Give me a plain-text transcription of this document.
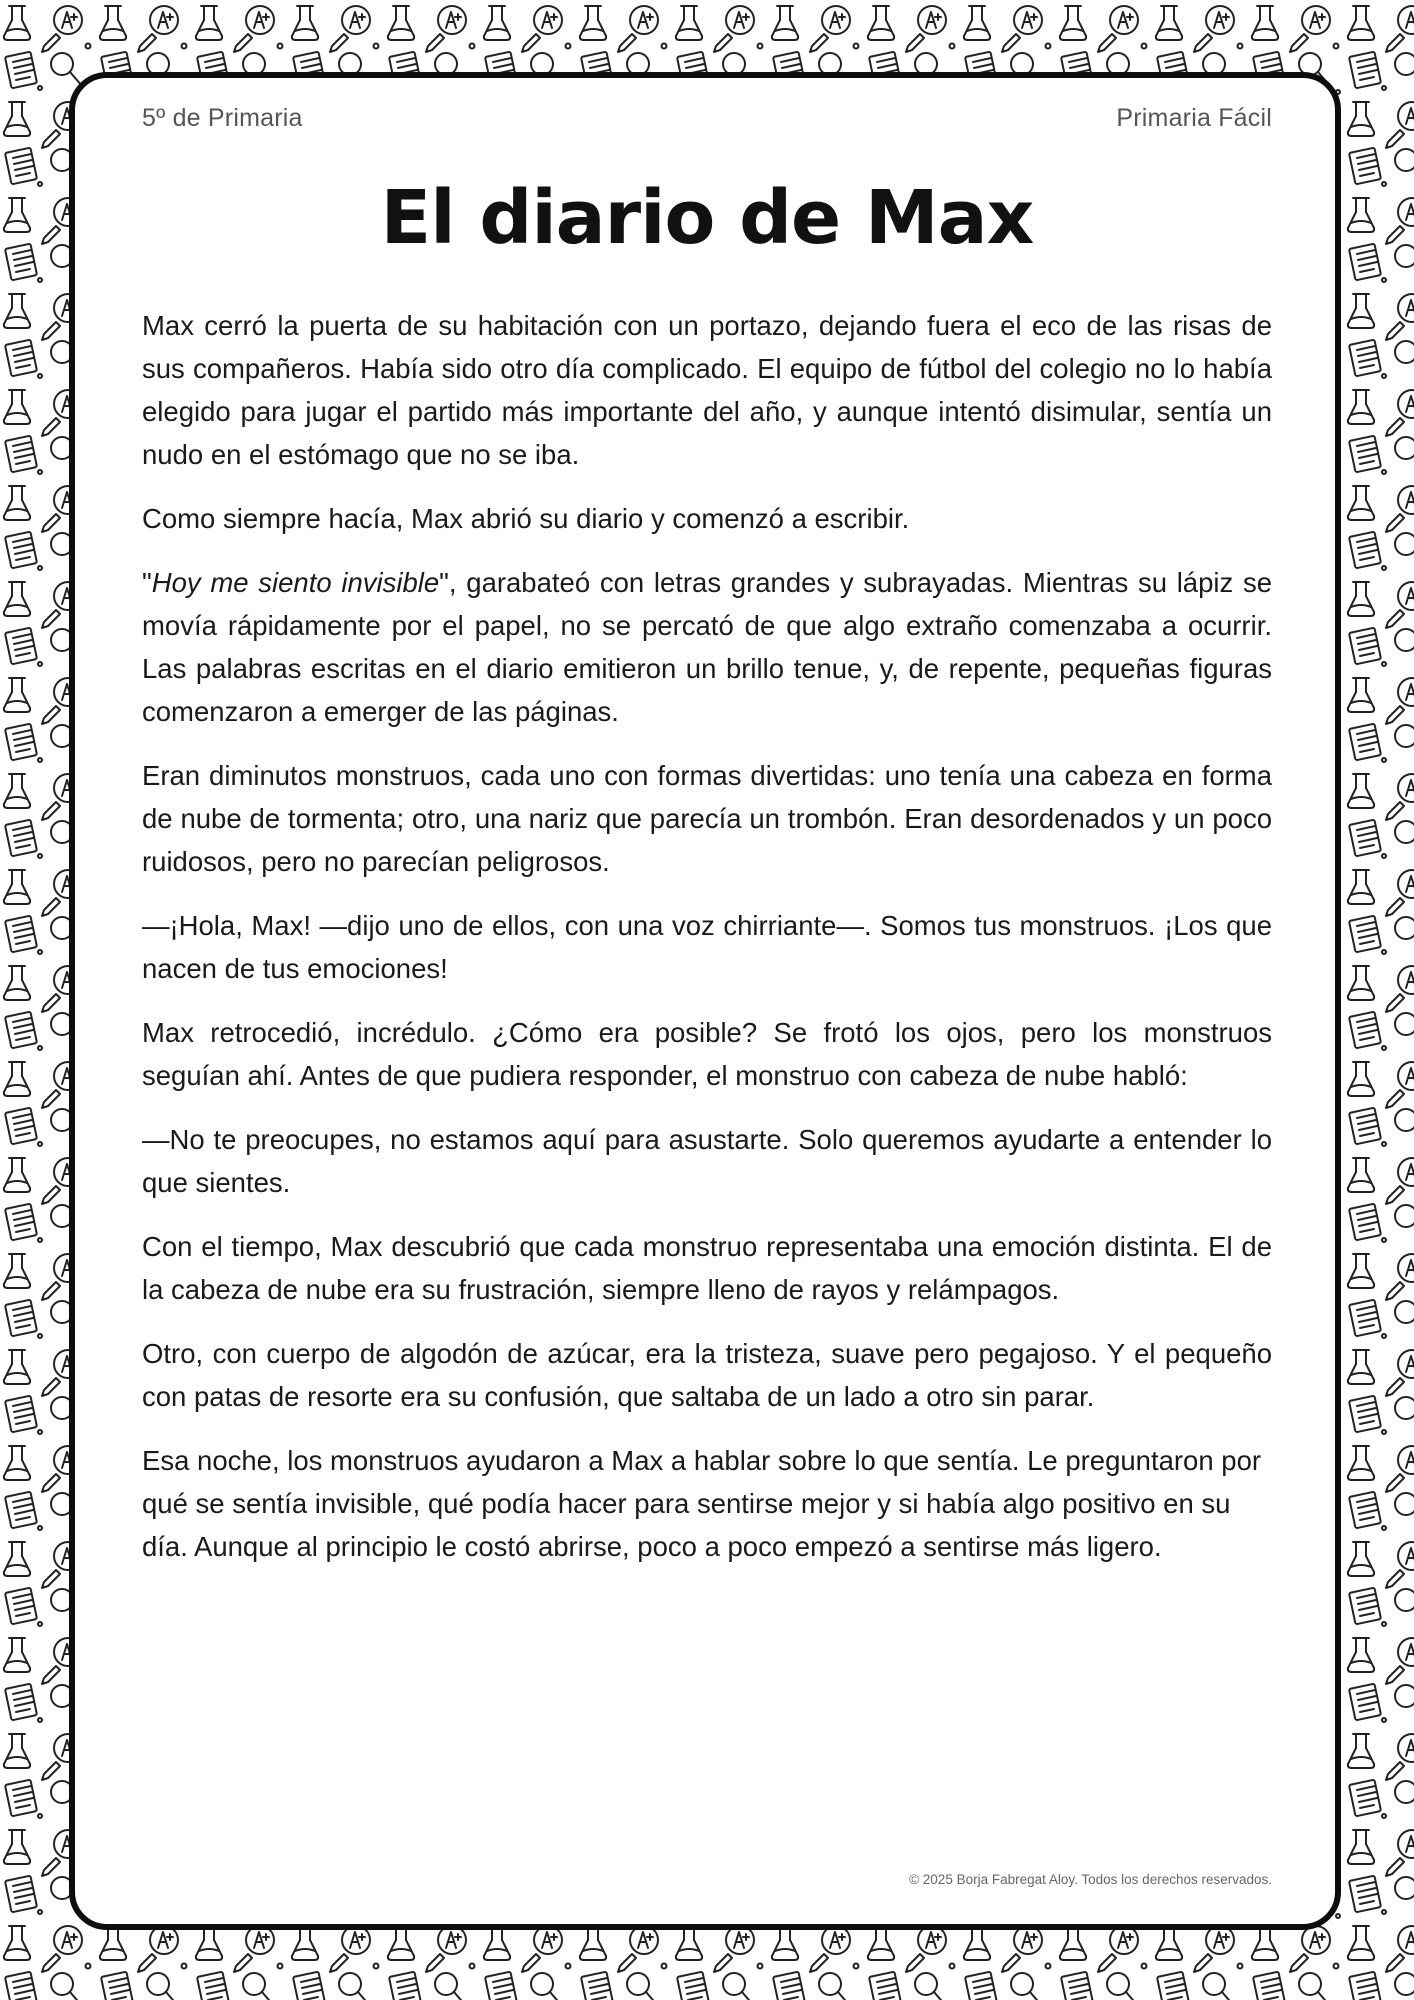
5º de Primaria	Primaria Fácil
El diario de Max

Max cerró la puerta de su habitación con un portazo, dejando fuera el eco de las risas de sus compañeros. Había sido otro día complicado. El equipo de fútbol del colegio no lo había elegido para jugar el partido más importante del año, y aunque intentó disimular, sentía un nudo en el estómago que no se iba.

Como siempre hacía, Max abrió su diario y comenzó a escribir.

"Hoy me siento invisible", garabateó con letras grandes y subrayadas. Mientras su lápiz se movía rápidamente por el papel, no se percató de que algo extraño comenzaba a ocurrir. Las palabras escritas en el diario emitieron un brillo tenue, y, de repente, pequeñas figuras comenzaron a emerger de las páginas.

Eran diminutos monstruos, cada uno con formas divertidas: uno tenía una cabeza en forma de nube de tormenta; otro, una nariz que parecía un trombón. Eran desordenados y un poco ruidosos, pero no parecían peligrosos.

—¡Hola, Max! —dijo uno de ellos, con una voz chirriante—. Somos tus monstruos. ¡Los que nacen de tus emociones!

Max retrocedió, incrédulo. ¿Cómo era posible? Se frotó los ojos, pero los monstruos seguían ahí. Antes de que pudiera responder, el monstruo con cabeza de nube habló:

—No te preocupes, no estamos aquí para asustarte. Solo queremos ayudarte a entender lo que sientes.

Con el tiempo, Max descubrió que cada monstruo representaba una emoción distinta. El de la cabeza de nube era su frustración, siempre lleno de rayos y relámpagos.

Otro, con cuerpo de algodón de azúcar, era la tristeza, suave pero pegajoso. Y el pequeño con patas de resorte era su confusión, que saltaba de un lado a otro sin parar.

Esa noche, los monstruos ayudaron a Max a hablar sobre lo que sentía. Le preguntaron por qué se sentía invisible, qué podía hacer para sentirse mejor y si había algo positivo en su día. Aunque al principio le costó abrirse, poco a poco empezó a sentirse más ligero.

© 2025 Borja Fabregat Aloy. Todos los derechos reservados.
